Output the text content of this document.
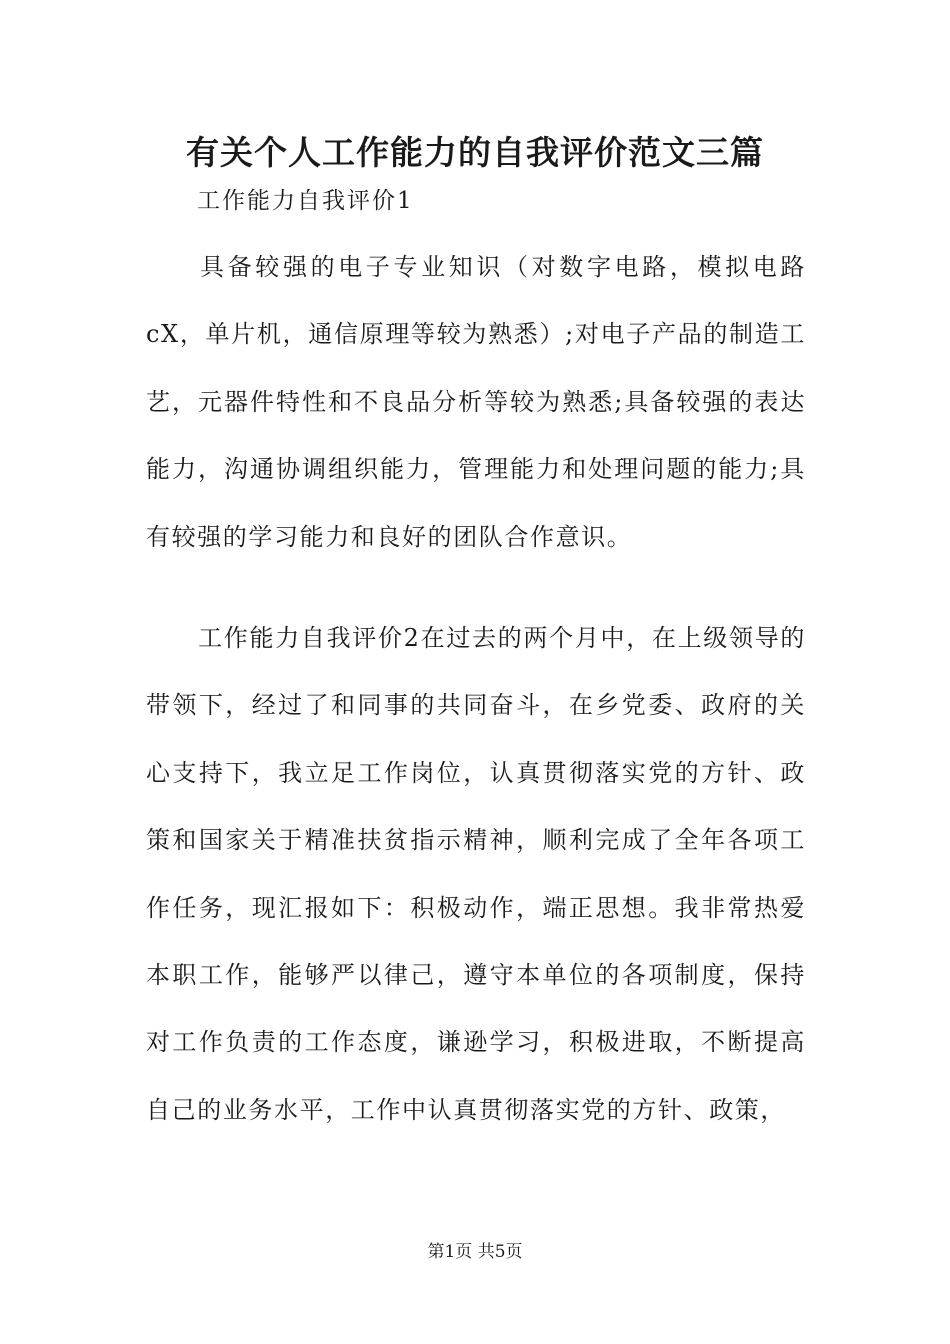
有关个人工作能力的自我评价范文三篇

工作能力自我评价1

具备较强的电子专业知识（对数字电路，模拟电路cX，单片机，通信原理等较为熟悉）;对电子产品的制造工艺，元器件特性和不良品分析等较为熟悉;具备较强的表达能力，沟通协调组织能力，管理能力和处理问题的能力;具有较强的学习能力和良好的团队合作意识。

工作能力自我评价2在过去的两个月中，在上级领导的带领下，经过了和同事的共同奋斗，在乡党委、政府的关心支持下，我立足工作岗位，认真贯彻落实党的方针、政策和国家关于精准扶贫指示精神，顺利完成了全年各项工作任务，现汇报如下：积极动作，端正思想。我非常热爱本职工作，能够严以律己，遵守本单位的各项制度，保持对工作负责的工作态度，谦逊学习，积极进取，不断提高自己的业务水平，工作中认真贯彻落实党的方针、政策，

第1页 共5页
